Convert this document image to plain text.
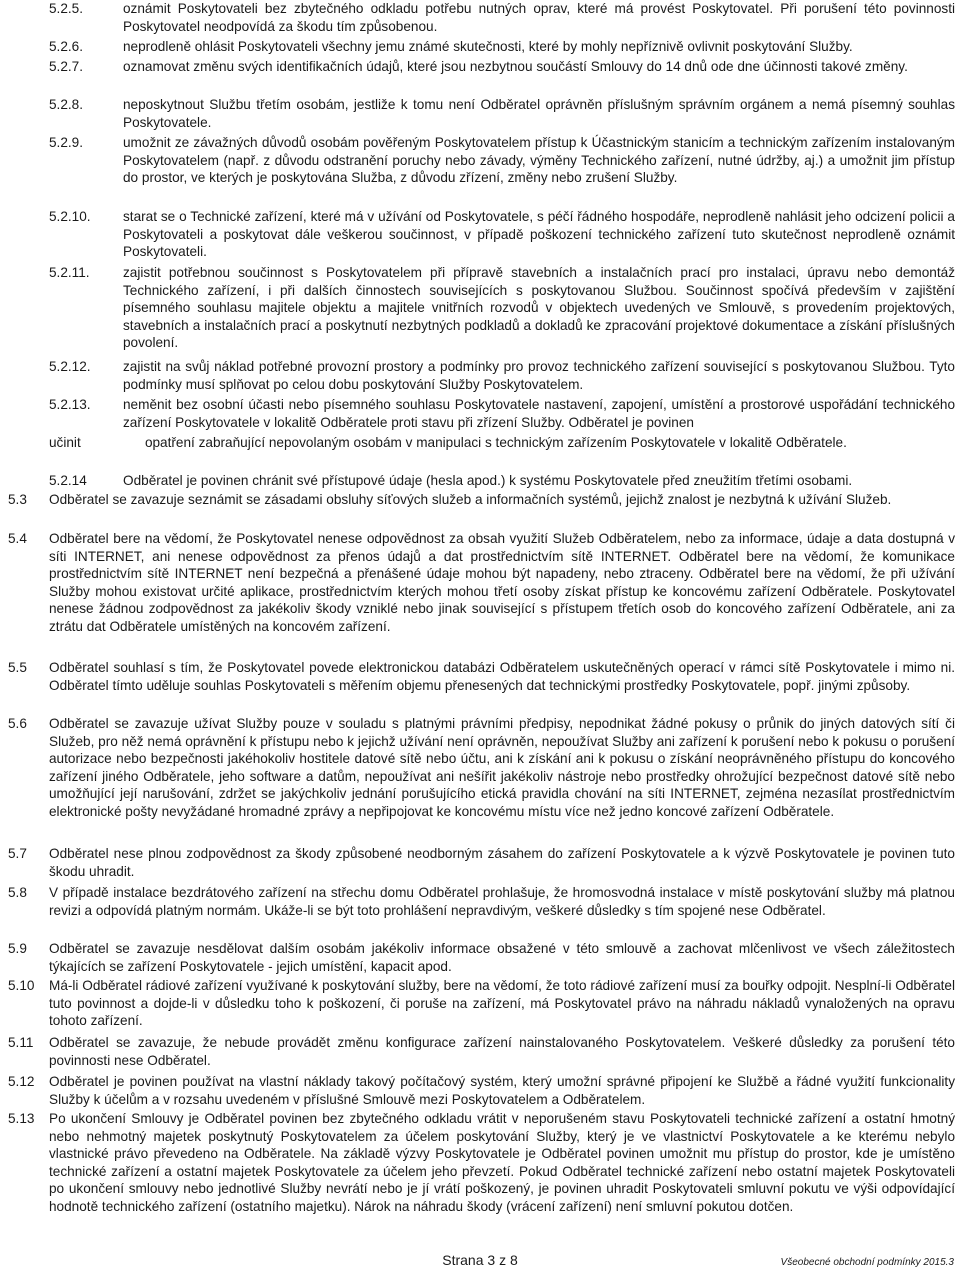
5.2.5.	oznámit Poskytovateli bez zbytečného odkladu potřebu nutných oprav, které má provést Poskytovatel. Při porušení této povinnosti Poskytovatel neodpovídá za škodu tím způsobenou.
5.2.6.	neprodleně ohlásit Poskytovateli všechny jemu známé skutečnosti, které by mohly nepříznivě ovlivnit poskytování Služby.
5.2.7.	oznamovat změnu svých identifikačních údajů, které jsou nezbytnou součástí Smlouvy do 14 dnů ode dne účinnosti takové změny.
5.2.8.	neposkytnout Službu třetím osobám, jestliže k tomu není Odběratel oprávněn příslušným správním orgánem a nemá písemný souhlas Poskytovatele.
5.2.9.	umožnit ze závažných důvodů osobám pověřeným Poskytovatelem přístup k Účastnickým stanicím a technickým zařízením instalovaným Poskytovatelem (např. z důvodu odstranění poruchy nebo závady, výměny Technického zařízení, nutné údržby, aj.) a umožnit jim přístup do prostor, ve kterých je poskytována Služba, z důvodu zřízení, změny nebo zrušení Služby.
5.2.10.	starat se o Technické zařízení, které má v užívání od Poskytovatele, s péčí řádného hospodáře, neprodleně nahlásit jeho odcizení policii a Poskytovateli a poskytovat dále veškerou součinnost, v případě poškození technického zařízení tuto skutečnost neprodleně oznámit Poskytovateli.
5.2.11.	zajistit potřebnou součinnost s Poskytovatelem při přípravě stavebních a instalačních prací pro instalaci, úpravu nebo demontáž Technického zařízení, i při dalších činnostech souvisejících s poskytovanou Službou. Součinnost spočívá především v zajištění písemného souhlasu majitele objektu a majitele vnitřních rozvodů v objektech uvedených ve Smlouvě, s provedením projektových, stavebních a instalačních prací a poskytnutí nezbytných podkladů a dokladů ke zpracování projektové dokumentace a získání příslušných povolení.
5.2.12.	zajistit na svůj náklad potřebné provozní prostory a podmínky pro provoz technického zařízení související s poskytovanou Službou. Tyto podmínky musí splňovat po celou dobu poskytování Služby Poskytovatelem.
5.2.13.	neměnit bez osobní účasti nebo písemného souhlasu Poskytovatele nastavení, zapojení, umístění a prostorové uspořádání technického zařízení Poskytovatele v lokalitě Odběratele proti stavu při zřízení Služby. Odběratel je povinen
učinit                 opatření zabraňující nepovolaným osobám v manipulaci s technickým zařízením Poskytovatele v lokalitě Odběratele.
5.2.14	Odběratel je povinen chránit své přístupové údaje (hesla apod.) k systému Poskytovatele před zneužitím třetími osobami.
5.3	Odběratel se zavazuje seznámit se zásadami obsluhy síťových služeb a informačních systémů, jejichž znalost je nezbytná k užívání Služeb.
5.4	Odběratel bere na vědomí, že Poskytovatel nenese odpovědnost za obsah využití Služeb Odběratelem, nebo za informace, údaje a data dostupná v síti INTERNET, ani nenese odpovědnost za přenos údajů a dat prostřednictvím sítě INTERNET. Odběratel bere na vědomí, že komunikace prostřednictvím sítě INTERNET není bezpečná a přenášené údaje mohou být napadeny, nebo ztraceny. Odběratel bere na vědomí, že při užívání Služby mohou existovat určité aplikace, prostřednictvím kterých mohou třetí osoby získat přístup ke koncovému zařízení Odběratele. Poskytovatel nenese žádnou zodpovědnost za jakékoliv škody vzniklé nebo jinak související s přístupem třetích osob do koncového zařízení Odběratele, ani za ztrátu dat Odběratele umístěných na koncovém zařízení.
5.5	Odběratel souhlasí s tím, že Poskytovatel povede elektronickou databázi Odběratelem uskutečněných operací v rámci sítě Poskytovatele i mimo ni. Odběratel tímto uděluje souhlas Poskytovateli s měřením objemu přenesených dat technickými prostředky Poskytovatele, popř. jinými způsoby.
5.6	Odběratel se zavazuje užívat Služby pouze v souladu s platnými právními předpisy, nepodnikat žádné pokusy o průnik do jiných datových sítí či Služeb, pro něž nemá oprávnění k přístupu nebo k jejichž užívání není oprávněn, nepoužívat Služby ani zařízení k porušení nebo k pokusu o porušení autorizace nebo bezpečnosti jakéhokoliv hostitele datové sítě nebo účtu, ani k získání ani k pokusu o získání neoprávněného přístupu do koncového zařízení jiného Odběratele, jeho software a datům, nepoužívat ani nešířit jakékoliv nástroje nebo prostředky ohrožující bezpečnost datové sítě nebo umožňující její narušování, zdržet se jakýchkoliv jednání porušujícího etická pravidla chování na síti INTERNET, zejména nezasílat prostřednictvím elektronické pošty nevyžádané hromadné zprávy a nepřipojovat ke koncovému místu více než jedno koncové zařízení Odběratele.
5.7	Odběratel nese plnou zodpovědnost za škody způsobené neodborným zásahem do zařízení Poskytovatele a k výzvě Poskytovatele je povinen tuto škodu uhradit.
5.8	V případě instalace bezdrátového zařízení na střechu domu Odběratel prohlašuje, že hromosvodná instalace v místě poskytování služby má platnou revizi a odpovídá platným normám. Ukáže-li se být toto prohlášení nepravdivým, veškeré důsledky s tím spojené nese Odběratel.
5.9	Odběratel se zavazuje nesdělovat dalším osobám jakékoliv informace obsažené v této smlouvě a zachovat mlčenlivost ve všech záležitostech týkajících se zařízení Poskytovatele - jejich umístění, kapacit apod.
5.10	Má-li Odběratel rádiové zařízení využívané k poskytování služby, bere na vědomí, že toto rádiové zařízení musí za bouřky odpojit. Nesplní-li Odběratel tuto povinnost a dojde-li v důsledku toho k poškození, či poruše na zařízení, má Poskytovatel právo na náhradu nákladů vynaložených na opravu tohoto zařízení.
5.11	Odběratel se zavazuje, že nebude provádět změnu konfigurace zařízení nainstalovaného Poskytovatelem. Veškeré důsledky za porušení této povinnosti nese Odběratel.
5.12	Odběratel je povinen používat na vlastní náklady takový počítačový systém, který umožní správné připojení ke Službě a řádné využití funkcionality Služby k účelům a v rozsahu uvedeném v příslušné Smlouvě mezi Poskytovatelem a Odběratelem.
5.13	Po ukončení Smlouvy je Odběratel povinen bez zbytečného odkladu vrátit v neporušeném stavu Poskytovateli technické zařízení a ostatní hmotný nebo nehmotný majetek poskytnutý Poskytovatelem za účelem poskytování Služby, který je ve vlastnictví Poskytovatele a ke kterému nebylo vlastnické právo převedeno na Odběratele. Na základě výzvy Poskytovatele je Odběratel povinen umožnit mu přístup do prostor, kde je umístěno technické zařízení a ostatní majetek Poskytovatele za účelem jeho převzetí. Pokud Odběratel technické zařízení nebo ostatní majetek Poskytovateli po ukončení smlouvy nebo jednotlivé Služby nevrátí nebo je jí vrátí poškozený, je povinen uhradit Poskytovateli smluvní pokutu ve výši odpovídající hodnotě technického zařízení (ostatního majetku). Nárok na náhradu škody (vrácení zařízení) není smluvní pokutou dotčen.
Strana 3 z 8	Všeobecné obchodní podmínky 2015.3
